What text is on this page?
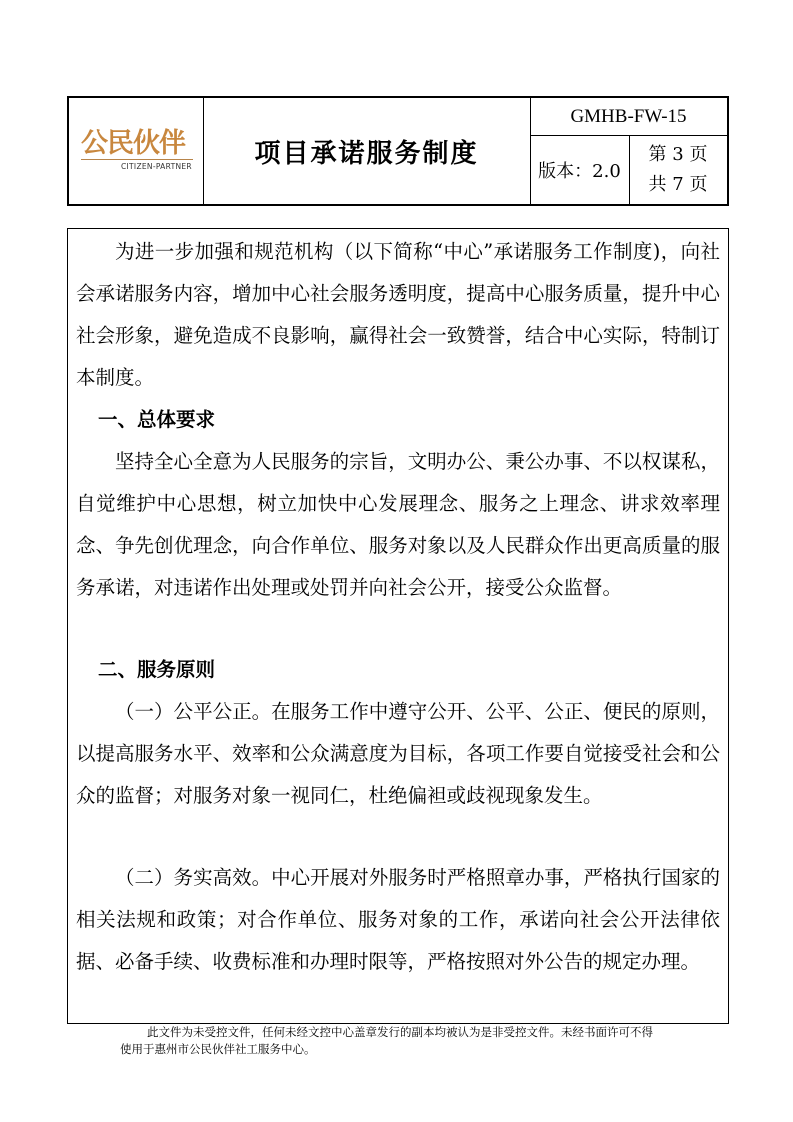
公民伙伴
CITIZEN-PARTNER	项目承诺服务制度
GMHB-FW-15
版本：2.0
第 3 页
共 7 页
为进一步加强和规范机构（以下简称“中心”承诺服务工作制度)，向社会承诺服务内容，增加中心社会服务透明度，提高中心服务质量，提升中心社会形象，避免造成不良影响，赢得社会一致赞誉，结合中心实际，特制订本制度。
一、总体要求
坚持全心全意为人民服务的宗旨，文明办公、秉公办事、不以权谋私，自觉维护中心思想，树立加快中心发展理念、服务之上理念、讲求效率理念、争先创优理念，向合作单位、服务对象以及人民群众作出更高质量的服务承诺，对违诺作出处理或处罚并向社会公开，接受公众监督。
二、服务原则
（一）公平公正。在服务工作中遵守公开、公平、公正、便民的原则，以提高服务水平、效率和公众满意度为目标，各项工作要自觉接受社会和公众的监督；对服务对象一视同仁，杜绝偏袒或歧视现象发生。
（二）务实高效。中心开展对外服务时严格照章办事，严格执行国家的相关法规和政策；对合作单位、服务对象的工作，承诺向社会公开法律依据、必备手续、收费标准和办理时限等，严格按照对外公告的规定办理。
此文件为未受控文件，任何未经文控中心盖章发行的副本均被认为是非受控文件。未经书面许可不得
使用于惠州市公民伙伴社工服务中心。
